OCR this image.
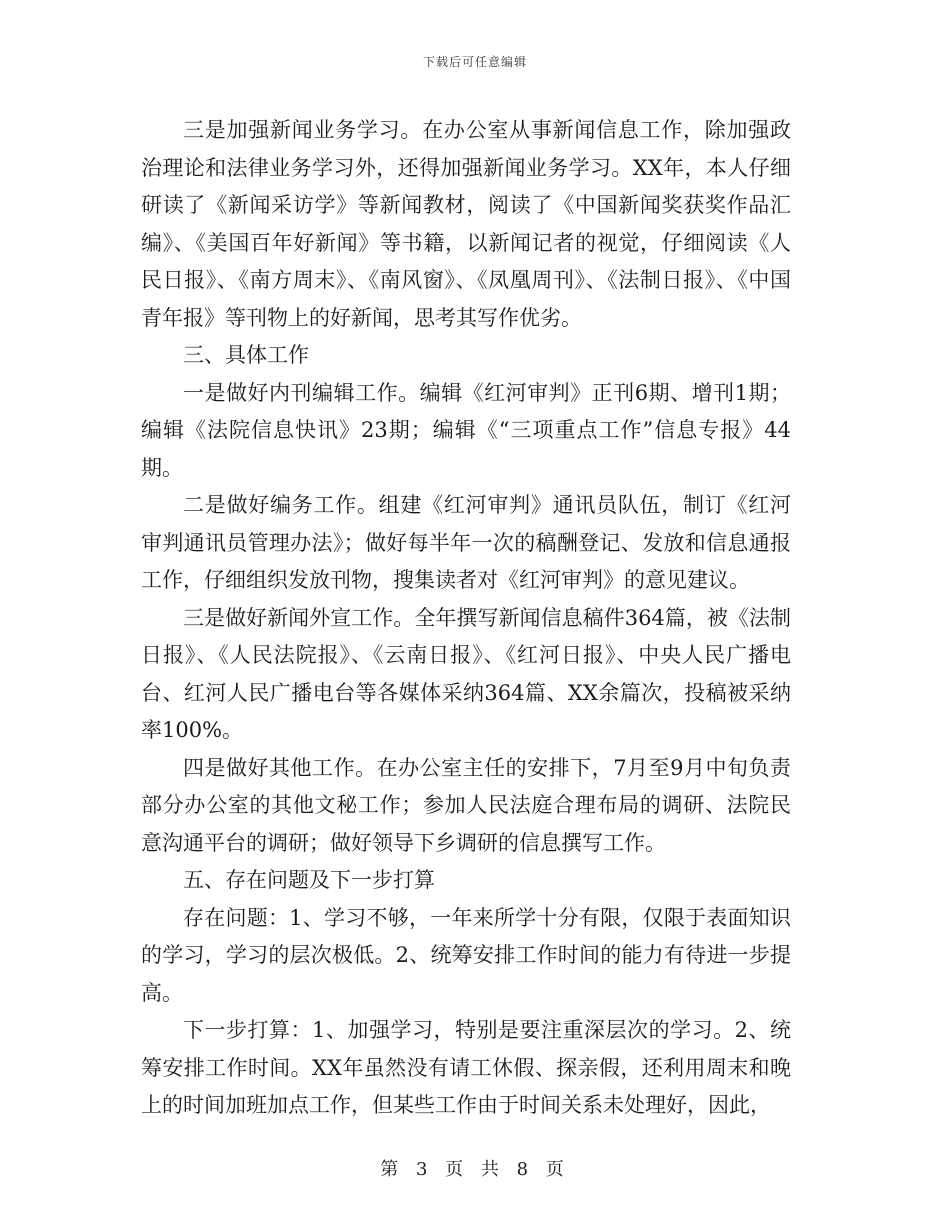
下载后可任意编辑

三是加强新闻业务学习。在办公室从事新闻信息工作，除加强政治理论和法律业务学习外，还得加强新闻业务学习。XX年，本人仔细研读了《新闻采访学》等新闻教材，阅读了《中国新闻奖获奖作品汇编》、《美国百年好新闻》等书籍，以新闻记者的视觉，仔细阅读《人民日报》、《南方周末》、《南风窗》、《凤凰周刊》、《法制日报》、《中国青年报》等刊物上的好新闻，思考其写作优劣。

三、具体工作

一是做好内刊编辑工作。编辑《红河审判》正刊6期、增刊1期；编辑《法院信息快讯》23期；编辑《“三项重点工作”信息专报》44期。

二是做好编务工作。组建《红河审判》通讯员队伍，制订《红河审判通讯员管理办法》；做好每半年一次的稿酬登记、发放和信息通报工作，仔细组织发放刊物，搜集读者对《红河审判》的意见建议。

三是做好新闻外宣工作。全年撰写新闻信息稿件364篇，被《法制日报》、《人民法院报》、《云南日报》、《红河日报》、中央人民广播电台、红河人民广播电台等各媒体采纳364篇、XX余篇次，投稿被采纳率100%。

四是做好其他工作。在办公室主任的安排下，7月至9月中旬负责部分办公室的其他文秘工作；参加人民法庭合理布局的调研、法院民意沟通平台的调研；做好领导下乡调研的信息撰写工作。

五、存在问题及下一步打算

存在问题：1、学习不够，一年来所学十分有限，仅限于表面知识的学习，学习的层次极低。2、统筹安排工作时间的能力有待进一步提高。

下一步打算：1、加强学习，特别是要注重深层次的学习。2、统筹安排工作时间。XX年虽然没有请工休假、探亲假，还利用周末和晚上的时间加班加点工作，但某些工作由于时间关系未处理好，因此，

第 3 页 共 8 页
